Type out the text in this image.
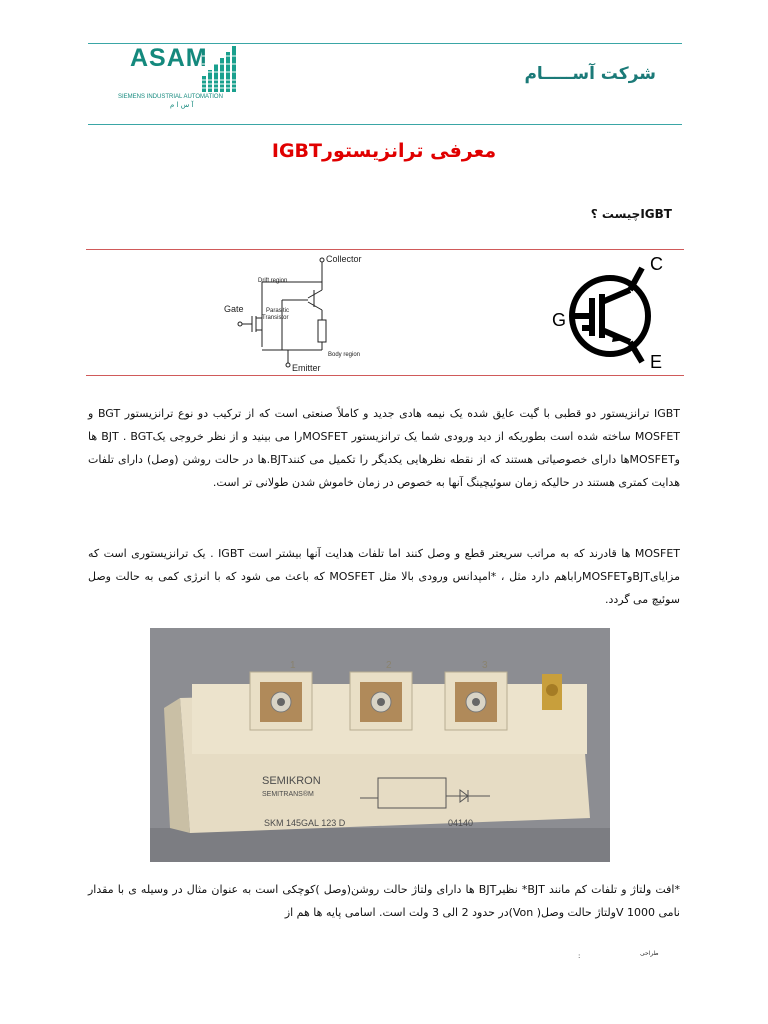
ASAM
SIEMENS INDUSTRIAL AUTOMATION
آ س ا م
شرکت آســـــام
معرفی ترانزیستورIGBT
IGBTچیست ؟
Collector
Drift region
Gate	Parasitic
Transistor
Body region
Emitter
C
G
E
IGBT ترانزیستور دو قطبی با گیت عایق شده یک نیمه هادی جدید و کاملاً صنعتی است که از ترکیب دو نوع ترانزیستور BGT و MOSFET ساخته شده است بطوریکه از دید ورودی شما یک ترانزیستور MOSFETرا می بینید و از نظر خروجی یکBJT . BGT ها وMOSFETها دارای خصوصیاتی هستند که از نقطه نظرهایی یکدیگر را تکمیل می کنندBJT.ها در حالت روشن (وصل) دارای تلفات هدایت کمتری هستند در حالیکه زمان سوئیچینگ آنها به خصوص در زمان خاموش شدن طولانی تر است.
MOSFET ها قادرند که به مراتب سریعتر قطع و وصل کنند اما تلفات هدایت آنها بیشتر است IGBT . یک ترانزیستوری است که مزایایBJTوMOSFETراباهم دارد مثل ، *امپدانس ورودی بالا مثل MOSFET که باعث می شود که با انرژی کمی به حالت وصل سوئیچ می گردد.
1	2	3
SEMIKRON
SEMITRANS®M
SKM 145GAL 123 D	04140
*افت ولتاژ و تلفات کم مانند BJT* نظیرBJT ها دارای ولتاژ حالت روشن(وصل )کوچکی است به عنوان مثال در وسیله ی با مقدار نامی 1000 Vولتاژ حالت وصل( Von)در حدود 2 الی 3 ولت است. اسامی پایه ها هم از
طراحی
:
